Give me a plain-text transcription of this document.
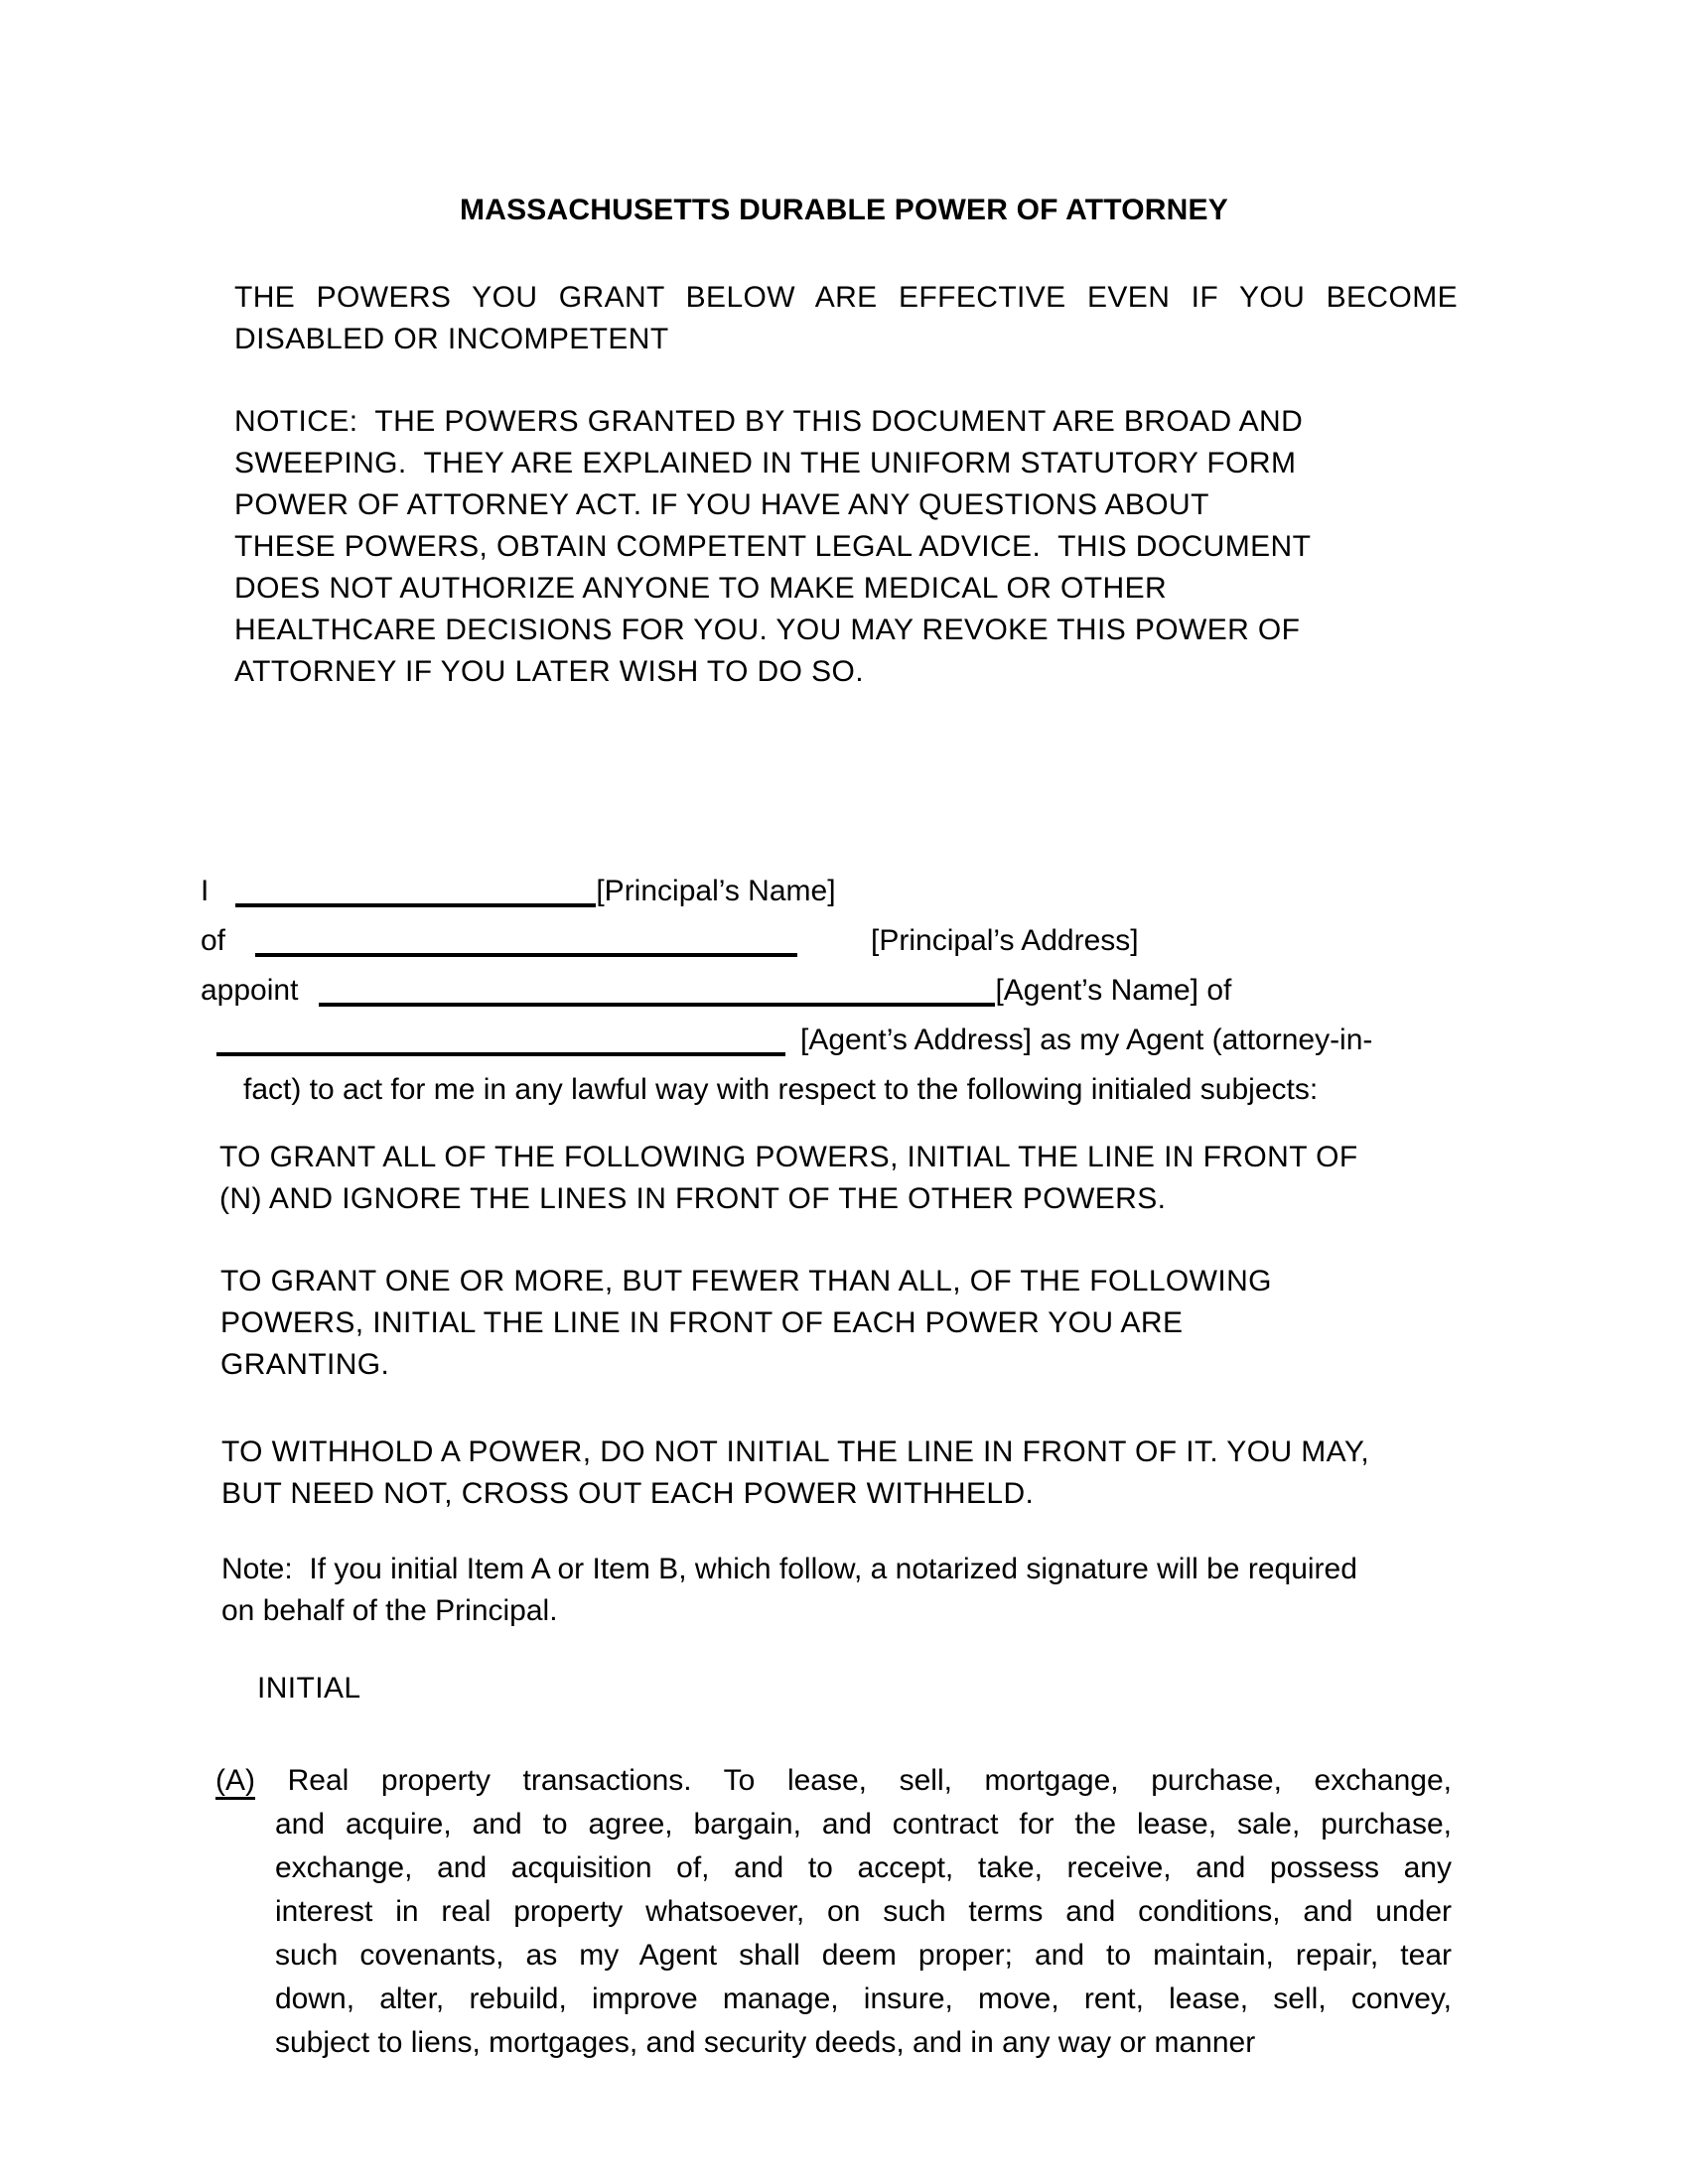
MASSACHUSETTS DURABLE POWER OF ATTORNEY
THE POWERS YOU GRANT BELOW ARE EFFECTIVE EVEN IF YOU BECOME
DISABLED OR INCOMPETENT
NOTICE:  THE POWERS GRANTED BY THIS DOCUMENT ARE BROAD AND
SWEEPING.  THEY ARE EXPLAINED IN THE UNIFORM STATUTORY FORM
POWER OF ATTORNEY ACT. IF YOU HAVE ANY QUESTIONS ABOUT
THESE POWERS, OBTAIN COMPETENT LEGAL ADVICE.  THIS DOCUMENT
DOES NOT AUTHORIZE ANYONE TO MAKE MEDICAL OR OTHER
HEALTHCARE DECISIONS FOR YOU. YOU MAY REVOKE THIS POWER OF
ATTORNEY IF YOU LATER WISH TO DO SO.
I	[Principal’s Name]
of	[Principal’s Address]
appoint	[Agent’s Name] of
[Agent’s Address] as my Agent (attorney-in-
fact) to act for me in any lawful way with respect to the following initialed subjects:
TO GRANT ALL OF THE FOLLOWING POWERS, INITIAL THE LINE IN FRONT OF
(N) AND IGNORE THE LINES IN FRONT OF THE OTHER POWERS.
TO GRANT ONE OR MORE, BUT FEWER THAN ALL, OF THE FOLLOWING
POWERS, INITIAL THE LINE IN FRONT OF EACH POWER YOU ARE
GRANTING.
TO WITHHOLD A POWER, DO NOT INITIAL THE LINE IN FRONT OF IT. YOU MAY,
BUT NEED NOT, CROSS OUT EACH POWER WITHHELD.
Note:  If you initial Item A or Item B, which follow, a notarized signature will be required
on behalf of the Principal.
INITIAL
(A) Real property transactions. To lease, sell, mortgage, purchase, exchange,
and acquire, and to agree, bargain, and contract for the lease, sale, purchase,
exchange, and acquisition of, and to accept, take, receive, and possess any
interest in real property whatsoever, on such terms and conditions, and under
such covenants, as my Agent shall deem proper; and to maintain, repair, tear
down, alter, rebuild, improve manage, insure, move, rent, lease, sell, convey,
subject to liens, mortgages, and security deeds, and in any way or manner
